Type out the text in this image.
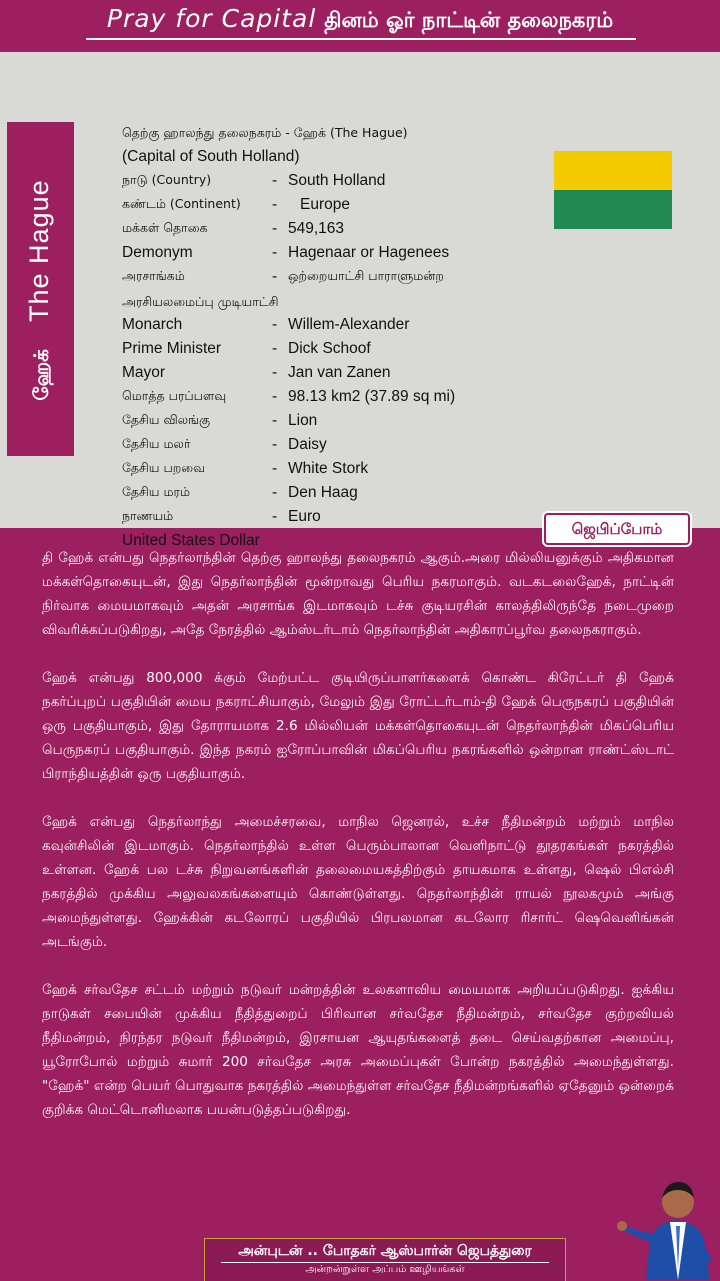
Pray for Capital தினம் ஓர் நாட்டின் தலைநகரம்
தெற்கு ஹாலந்து தலைநகரம் - ஹேக் (The Hague)
(Capital of South Holland)
நாடு (Country)	- South Holland
கண்டம் (Continent) - Europe
மக்கள் தொகை	- 549,163
Demonym	- Hagenaar or Hagenees
அரசாங்கம்	- ஒற்றையாட்சி பாராளுமன்ற
அரசியலமைப்பு முடியாட்சி
Monarch	- Willem-Alexander
Prime Minister	- Dick Schoof
Mayor	- Jan van Zanen
மொத்த பரப்பளவு	- 98.13 km2 (37.89 sq mi)
தேசிய விலங்கு	- Lion
தேசிய மலர்	- Daisy
தேசிய பறவை	- White Stork
தேசிய மரம்	- Den Haag
நாணயம்	- Euro
United States Dollar
ஹேக் The Hague
ஜெபிப்போம்

தி ஹேக் என்பது நெதர்லாந்தின் தெற்கு ஹாலந்து தலைநகரம் ஆகும்.அரை மில்லியனுக்கும் அதிகமான மக்கள்தொகையுடன், இது நெதர்லாந்தின் மூன்றாவது பெரிய நகரமாகும். வடகடலைஹேக், நாட்டின் நிர்வாக மையமாகவும் அதன் அரசாங்க இடமாகவும் டச்சு குடியரசின் காலத்திலிருந்தே நடைமுறை விவரிக்கப்படுகிறது, அதே நேரத்தில் ஆம்ஸ்டர்டாம் நெதர்லாந்தின் அதிகாரப்பூர்வ தலைநகராகும்.

ஹேக் என்பது 800,000 க்கும் மேற்பட்ட குடியிருப்பாளர்களைக் கொண்ட கிரேட்டர் தி ஹேக் நகர்ப்புறப் பகுதியின் மைய நகராட்சியாகும், மேலும் இது ரோட்டர்டாம்-தி ஹேக் பெருநகரப் பகுதியின் ஒரு பகுதியாகும், இது தோராயமாக 2.6 மில்லியன் மக்கள்தொகையுடன் நெதர்லாந்தின் மிகப்பெரிய பெருநகரப் பகுதியாகும். இந்த நகரம் ஐரோப்பாவின் மிகப்பெரிய நகரங்களில் ஒன்றான ராண்ட்ஸ்டாட் பிராந்தியத்தின் ஒரு பகுதியாகும்.

ஹேக் என்பது நெதர்லாந்து அமைச்சரவை, மாநில ஜெனரல், உச்ச நீதிமன்றம் மற்றும் மாநில கவுன்சிலின் இடமாகும். நெதர்லாந்தில் உள்ள பெரும்பாலான வெளிநாட்டு தூதரகங்கள் நகரத்தில் உள்ளன. ஹேக் பல டச்சு நிறுவனங்களின் தலைமையகத்திற்கும் தாயகமாக உள்ளது, ஷெல் பிஎல்சி நகரத்தில் முக்கிய அலுவலகங்களையும் கொண்டுள்ளது. நெதர்லாந்தின் ராயல் நூலகமும் அங்கு அமைந்துள்ளது. ஹேக்கின் கடலோரப் பகுதியில் பிரபலமான கடலோர ரிசார்ட் ஷெவெனிங்கன் அடங்கும்.

ஹேக் சர்வதேச சட்டம் மற்றும் நடுவர் மன்றத்தின் உலகளாவிய மையமாக அறியப்படுகிறது. ஐக்கிய நாடுகள் சபையின் முக்கிய நீதித்துறைப் பிரிவான சர்வதேச நீதிமன்றம், சர்வதேச குற்றவியல் நீதிமன்றம், நிரந்தர நடுவர் நீதிமன்றம், இரசாயன ஆயுதங்களைத் தடை செய்வதற்கான அமைப்பு, யூரோபோல் மற்றும் சுமார் 200 சர்வதேச அரசு அமைப்புகள் போன்ற நகரத்தில் அமைந்துள்ளது. "ஹேக்" என்ற பெயர் பொதுவாக நகரத்தில் அமைந்துள்ள சர்வதேச நீதிமன்றங்களில் ஏதேனும் ஒன்றைக் குறிக்க மெட்டொனிமலாக பயன்படுத்தப்படுகிறது.

அன்புடன் .. போதகர் ஆஸ்பார்ன் ஜெபத்துரை
அன்றன்றுள்ள அப்பம் ஊழியங்கள்
